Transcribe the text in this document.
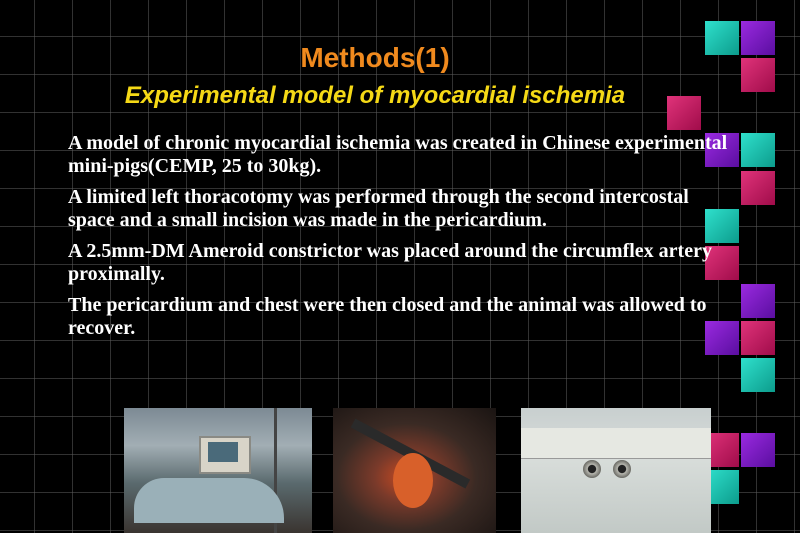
Methods(1)
Experimental model of myocardial ischemia
A model of chronic myocardial ischemia was created in Chinese experimental mini-pigs(CEMP, 25 to 30kg).
A limited left thoracotomy was performed through the second intercostal space and a small incision was made in the pericardium.
A 2.5mm-DM Ameroid constrictor was placed around the circumflex artery proximally.
The pericardium and chest were then closed and the animal was allowed to recover.
